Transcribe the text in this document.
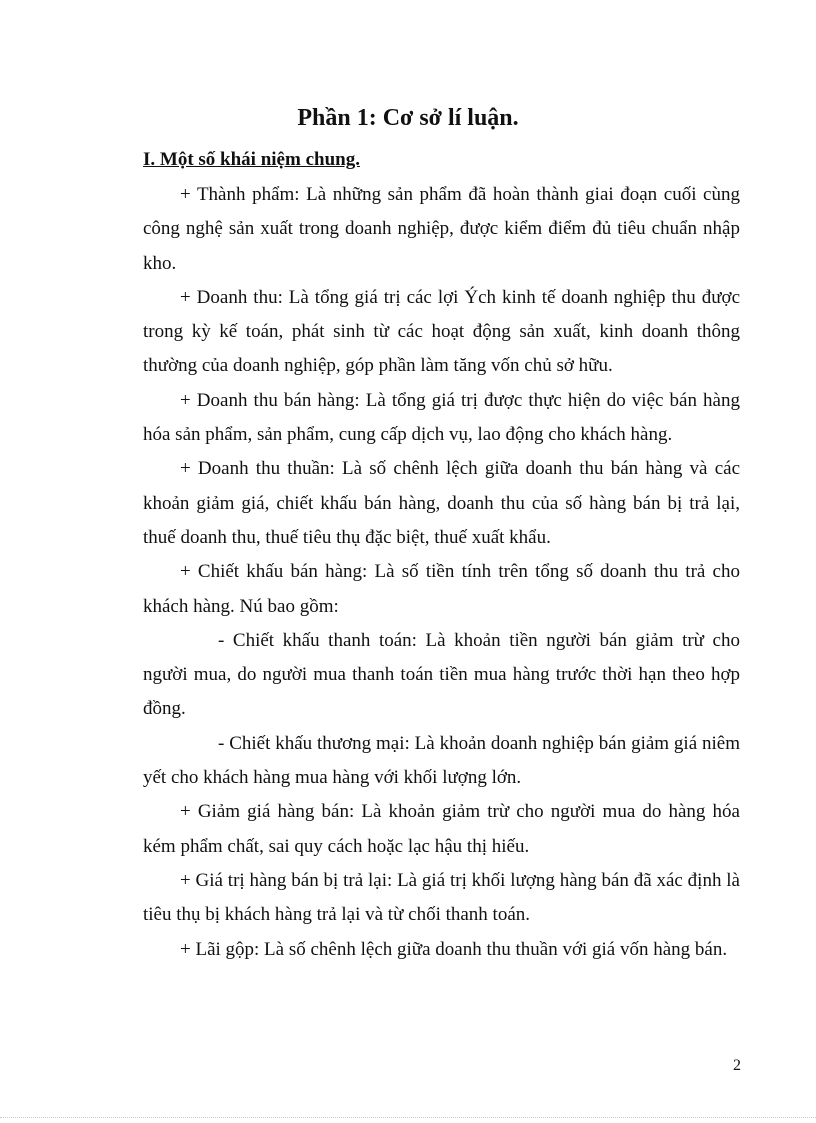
Phần 1: Cơ sở lí luận.
I. Một số khái niệm chung.

+ Thành phẩm: Là những sản phẩm đã hoàn thành giai đoạn cuối cùng công nghệ sản xuất trong doanh nghiệp, được kiểm điểm đủ tiêu chuẩn nhập kho.

+ Doanh thu: Là tổng giá trị các lợi Ých kinh tế doanh nghiệp thu được trong kỳ kế toán, phát sinh từ các hoạt động sản xuất, kinh doanh thông thường của doanh nghiệp, góp phần làm tăng vốn chủ sở hữu.

+ Doanh thu bán hàng: Là tổng giá trị được thực hiện do việc bán hàng hóa sản phẩm, sản phẩm, cung cấp dịch vụ, lao động cho khách hàng.

+ Doanh thu thuần: Là số chênh lệch giữa doanh thu bán hàng và các khoản giảm giá, chiết khấu bán hàng, doanh thu của số hàng bán bị trả lại, thuế doanh thu, thuế tiêu thụ đặc biệt, thuế xuất khẩu.

+ Chiết khấu bán hàng: Là số tiền tính trên tổng số doanh thu trả cho khách hàng. Nú bao gồm:

- Chiết khấu thanh toán: Là khoản tiền người bán giảm trừ cho người mua, do người mua thanh toán tiền mua hàng trước thời hạn theo hợp đồng.

- Chiết khấu thương mại: Là khoản doanh nghiệp bán giảm giá niêm yết cho khách hàng mua hàng với khối lượng lớn.

+ Giảm giá hàng bán: Là khoản giảm trừ cho người mua do hàng hóa kém phẩm chất, sai quy cách hoặc lạc hậu thị hiếu.

+ Giá trị hàng bán bị trả lại: Là giá trị khối lượng hàng bán đã xác định là tiêu thụ bị khách hàng trả lại và từ chối thanh toán.

+ Lãi gộp: Là số chênh lệch giữa doanh thu thuần với giá vốn hàng bán.

2
